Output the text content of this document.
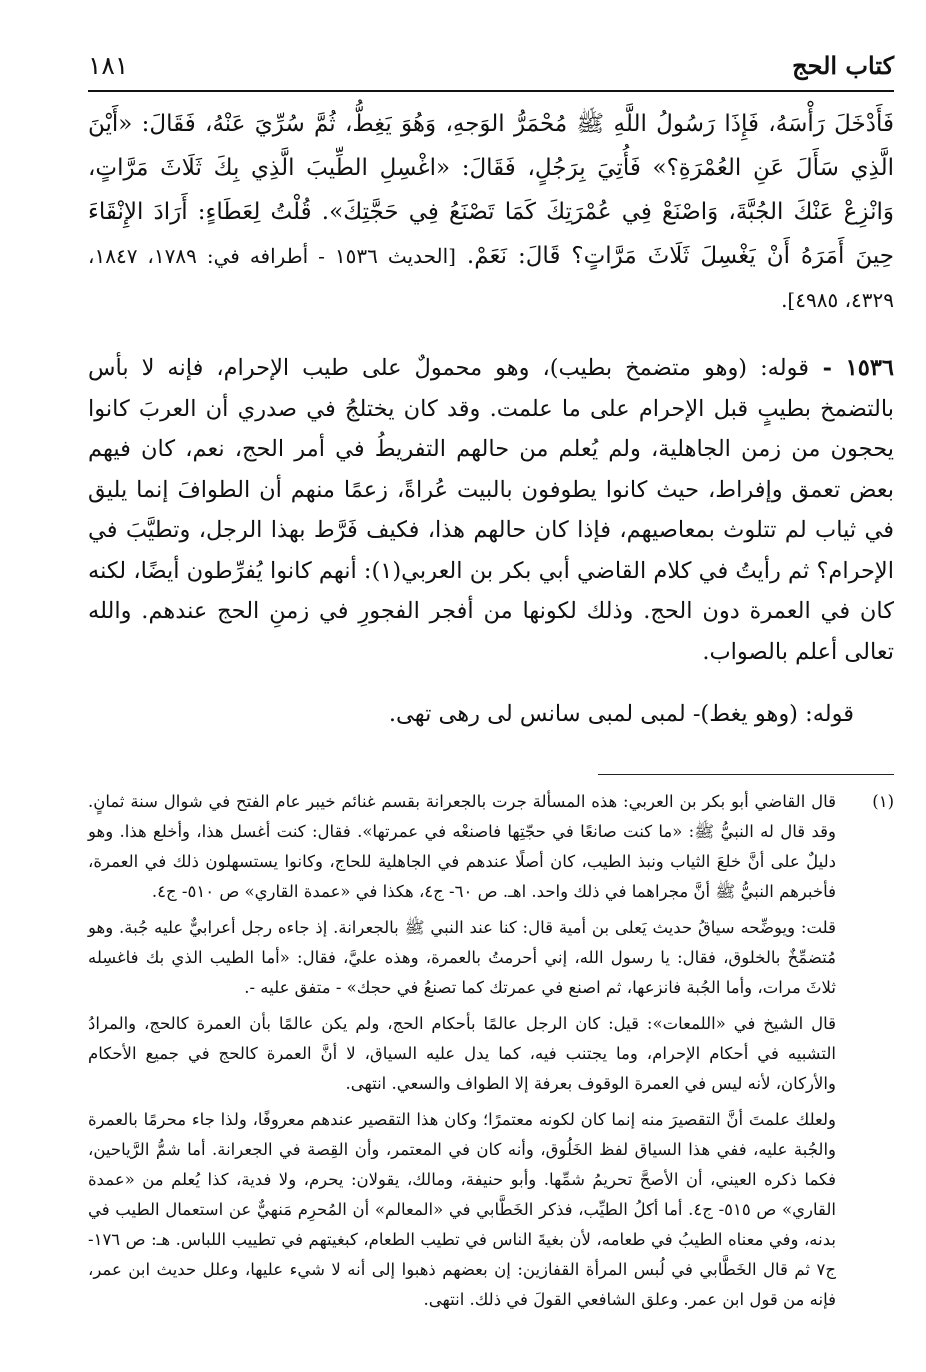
كتاب الحج
١٨١

فَأَدْخَلَ رَأْسَهُ، فَإِذَا رَسُولُ اللَّهِ ﷺ مُحْمَرُّ الوَجهِ، وَهُوَ يَغِطُّ، ثُمَّ سُرِّيَ عَنْهُ، فَقَالَ: «أَيْنَ الَّذِي سَأَلَ عَنِ العُمْرَةِ؟» فَأُتِيَ بِرَجُلٍ، فَقَالَ: «اغْسِلِ الطِّيبَ الَّذِي بِكَ ثَلَاثَ مَرَّاتٍ، وَانْزِعْ عَنْكَ الجُبَّةَ، وَاصْنَعْ فِي عُمْرَتِكَ كَمَا تَصْنَعُ فِي حَجَّتِكَ». قُلْتُ لِعَطَاءٍ: أَرَادَ الإِنْقَاءَ حِينَ أَمَرَهُ أَنْ يَغْسِلَ ثَلَاثَ مَرَّاتٍ؟ قَالَ: نَعَمْ. [الحديث ١٥٣٦ - أطرافه في: ١٧٨٩، ١٨٤٧، ٤٣٢٩، ٤٩٨٥].

١٥٣٦ - قوله: (وهو متضمخ بطيب)، وهو محمولٌ على طيب الإحرام، فإنه لا بأس بالتضمخ بطيبٍ قبل الإحرام على ما علمت. وقد كان يختلجُ في صدري أن العربَ كانوا يحجون من زمن الجاهلية، ولم يُعلم من حالهم التفريطُ في أمر الحج، نعم، كان فيهم بعض تعمق وإفراط، حيث كانوا يطوفون بالبيت عُراةً، زعمًا منهم أن الطوافَ إنما يليق في ثياب لم تتلوث بمعاصيهم، فإذا كان حالهم هذا، فكيف فَرَّط بهذا الرجل، وتطيَّبَ في الإحرام؟ ثم رأيتُ في كلام القاضي أبي بكر بن العربي(١): أنهم كانوا يُفرِّطون أيضًا، لكنه كان في العمرة دون الحج. وذلك لكونها من أفجر الفجورِ في زمنِ الحج عندهم. والله تعالى أعلم بالصواب.

قوله: (وهو يغط)- لمبى لمبى سانس لى رهى تهى.

(١)

قال القاضي أبو بكر بن العربي: هذه المسألة جرت بالجعرانة بقسم غنائم خيبر عام الفتح في شوال سنة ثمانٍ. وقد قال له النبيُّ ﷺ: «ما كنت صانعًا في حجّتِها فاصنعْه في عمرتها». فقال: كنت أغسل هذا، وأخلع هذا. وهو دليلٌ على أنَّ خلعَ الثياب ونبذ الطيب، كان أصلًا عندهم في الجاهلية للحاج، وكانوا يستسهلون ذلك في العمرة، فأخبرهم النبيُّ ﷺ أنَّ مجراهما في ذلك واحد. اهـ. ص ٦٠- ج٤، هكذا في «عمدة القاري» ص ٥١٠- ج٤.

قلت: ويوضِّحه سياقُ حديث يَعلى بن أمية قال: كنا عند النبي ﷺ بالجعرانة. إذ جاءه رجل أعرابيٌّ عليه جُبة. وهو مُتضمِّخٌ بالخلوق، فقال: يا رسول الله، إني أحرمتُ بالعمرة، وهذه عليَّ، فقال: «أما الطيب الذي بك فاغسِله ثلاثَ مرات، وأما الجُبة فانزعها، ثم اصنع في عمرتك كما تصنعُ في حجك» - متفق عليه -.

قال الشيخ في «اللمعات»: قيل: كان الرجل عالمًا بأحكام الحج، ولم يكن عالمًا بأن العمرة كالحج، والمرادُ التشبيه في أحكام الإحرام، وما يجتنب فيه، كما يدل عليه السياق، لا أنَّ العمرة كالحج في جميع الأحكام والأركان، لأنه ليس في العمرة الوقوف بعرفة إلا الطواف والسعي. انتهى.

ولعلك علمتَ أنَّ التقصيرَ منه إنما كان لكونه معتمرًا؛ وكان هذا التقصير عندهم معروفًا، ولذا جاء محرمًا بالعمرة والجُبة عليه، ففي هذا السياق لفظ الخَلُوق، وأنه كان في المعتمر، وأن القِصة في الجعرانة. أما شمُّ الرَّياحين، فكما ذكره العيني، أن الأصحَّ تحريمُ شمِّها. وأبو حنيفة، ومالك، يقولان: يحرم، ولا فدية، كذا يُعلم من «عمدة القاري» ص ٥١٥- ج٤. أما أكلُ الطيِّب، فذكر الخَطَّابي في «المعالم» أن المُحرِم مَنهيٌّ عن استعمال الطيب في بدنه، وفي معناه الطيبُ في طعامه، لأن بغيةَ الناس في تطيب الطعام، كبغيتهم في تطييب اللباس. هـ: ص ١٧٦- ج٧ ثم قال الخَطَّابي في لُبس المرأة القفازين: إن بعضهم ذهبوا إلى أنه لا شيء عليها، وعلل حديث ابن عمر، فإنه من قول ابن عمر. وعلق الشافعي القولَ في ذلك. انتهى.
